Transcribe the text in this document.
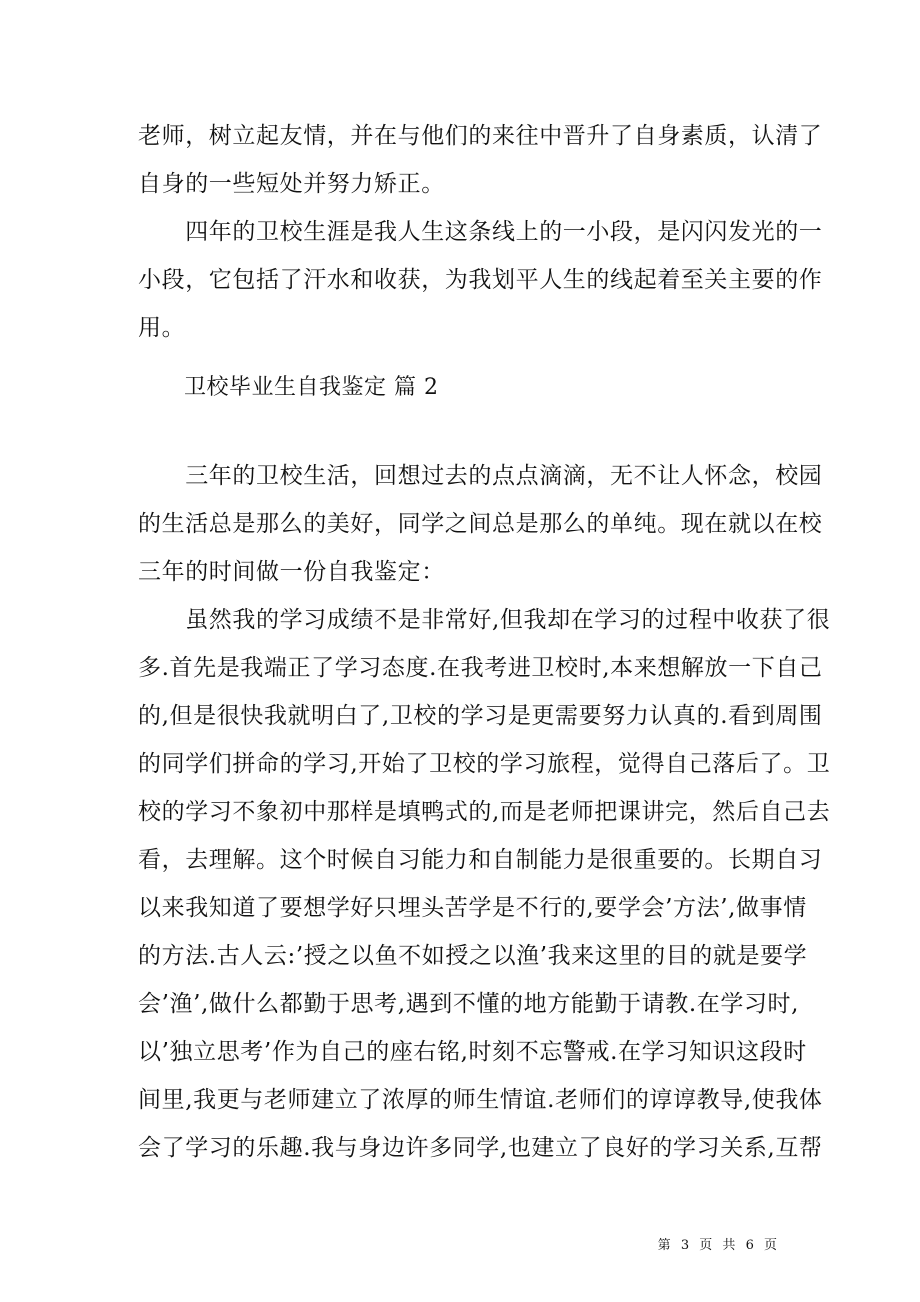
老师，树立起友情，并在与他们的来往中晋升了自身素质，认清了
自身的一些短处并努力矫正。
　　四年的卫校生涯是我人生这条线上的一小段，是闪闪发光的一
小段，它包括了汗水和收获，为我划平人生的线起着至关主要的作
用。
卫校毕业生自我鉴定 篇 2
　　三年的卫校生活，回想过去的点点滴滴，无不让人怀念，校园
的生活总是那么的美好，同学之间总是那么的单纯。现在就以在校
三年的时间做一份自我鉴定：
　　虽然我的学习成绩不是非常好,但我却在学习的过程中收获了很
多.首先是我端正了学习态度.在我考进卫校时,本来想解放一下自己
的,但是很快我就明白了,卫校的学习是更需要努力认真的.看到周围
的同学们拼命的学习,开始了卫校的学习旅程，觉得自己落后了。卫
校的学习不象初中那样是填鸭式的,而是老师把课讲完，然后自己去
看，去理解。这个时候自习能力和自制能力是很重要的。长期自习
以来我知道了要想学好只埋头苦学是不行的,要学会’方法’,做事情
的方法.古人云:’授之以鱼不如授之以渔’我来这里的目的就是要学
会’渔’,做什么都勤于思考,遇到不懂的地方能勤于请教.在学习时,
以’独立思考’作为自己的座右铭,时刻不忘警戒.在学习知识这段时
间里,我更与老师建立了浓厚的师生情谊.老师们的谆谆教导,使我体
会了学习的乐趣.我与身边许多同学,也建立了良好的学习关系,互帮
第 3 页 共 6 页
